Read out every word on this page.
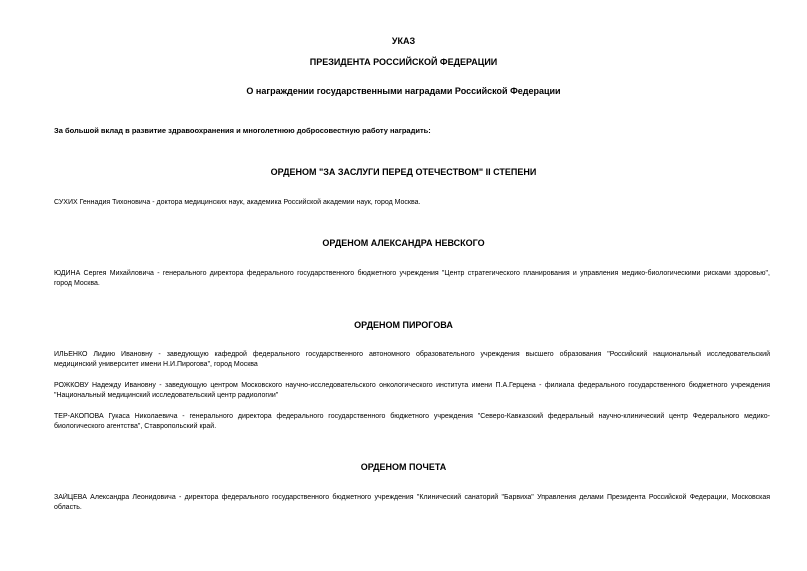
УКАЗ
ПРЕЗИДЕНТА РОССИЙСКОЙ ФЕДЕРАЦИИ
О награждении государственными наградами Российской Федерации
За большой вклад в развитие здравоохранения и многолетнюю добросовестную работу наградить:
ОРДЕНОМ "ЗА ЗАСЛУГИ ПЕРЕД ОТЕЧЕСТВОМ" II СТЕПЕНИ
СУХИХ Геннадия Тихоновича - доктора медицинских наук, академика Российской академии наук, город Москва.
ОРДЕНОМ АЛЕКСАНДРА НЕВСКОГО
ЮДИНА Сергея Михайловича - генерального директора федерального государственного бюджетного учреждения "Центр стратегического планирования и управления медико-биологическими рисками здоровью",
город Москва.
ОРДЕНОМ ПИРОГОВА
ИЛЬЕНКО Лидию Ивановну - заведующую кафедрой федерального государственного автономного образовательного учреждения высшего образования "Российский национальный исследовательский
медицинский университет имени Н.И.Пирогова", город Москва
РОЖКОВУ Надежду Ивановну - заведующую центром Московского научно-исследовательского онкологического института имени П.А.Герцена - филиала федерального государственного бюджетного учреждения
"Национальный медицинский исследовательский центр радиологии"
ТЕР-АКОПОВА Гукаса Николаевича - генерального директора федерального государственного бюджетного учреждения "Северо-Кавказский федеральный научно-клинический центр Федерального медико-
биологического агентства", Ставропольский край.
ОРДЕНОМ ПОЧЕТА
ЗАЙЦЕВА Александра Леонидовича - директора федерального государственного бюджетного учреждения "Клинический санаторий "Барвиха" Управления делами Президента Российской Федерации, Московская
область.
